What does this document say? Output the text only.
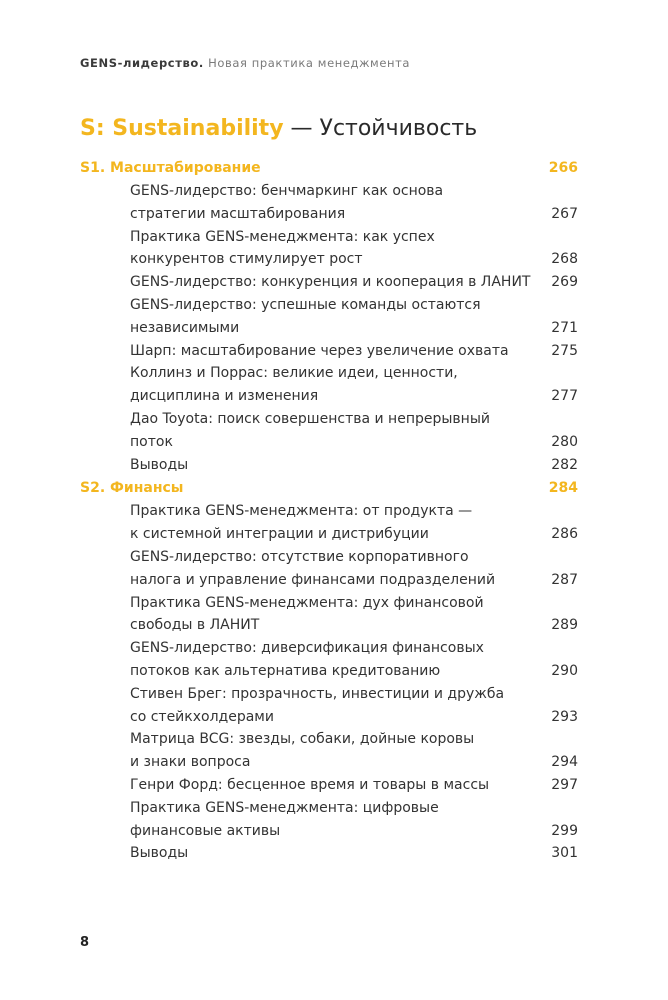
GENS-лидерство. Новая практика менеджмента
S: Sustainability — Устойчивость
S1. Масштабирование	266
GENS-лидерство: бенчмаркинг как основа
стратегии масштабирования	267
Практика GENS-менеджмента: как успех
конкурентов стимулирует рост	268
GENS-лидерство: конкуренция и кооперация в ЛАНИТ 269
GENS-лидерство: успешные команды остаются
независимыми	271
Шарп: масштабирование через увеличение охвата	275
Коллинз и Поррас: великие идеи, ценности,
дисциплина и изменения	277
Дао Toyota: поиск совершенства и непрерывный
поток	280
Выводы	282
S2. Финансы	284
Практика GENS-менеджмента: от продукта —
к системной интеграции и дистрибуции	286
GENS-лидерство: отсутствие корпоративного
налога и управление финансами подразделений	287
Практика GENS-менеджмента: дух финансовой
свободы в ЛАНИТ	289
GENS-лидерство: диверсификация финансовых
потоков как альтернатива кредитованию	290
Стивен Брег: прозрачность, инвестиции и дружба
со стейкхолдерами	293
Матрица BCG: звезды, собаки, дойные коровы
и знаки вопроса	294
Генри Форд: бесценное время и товары в массы	297
Практика GENS-менеджмента: цифровые
финансовые активы	299
Выводы	301
8
